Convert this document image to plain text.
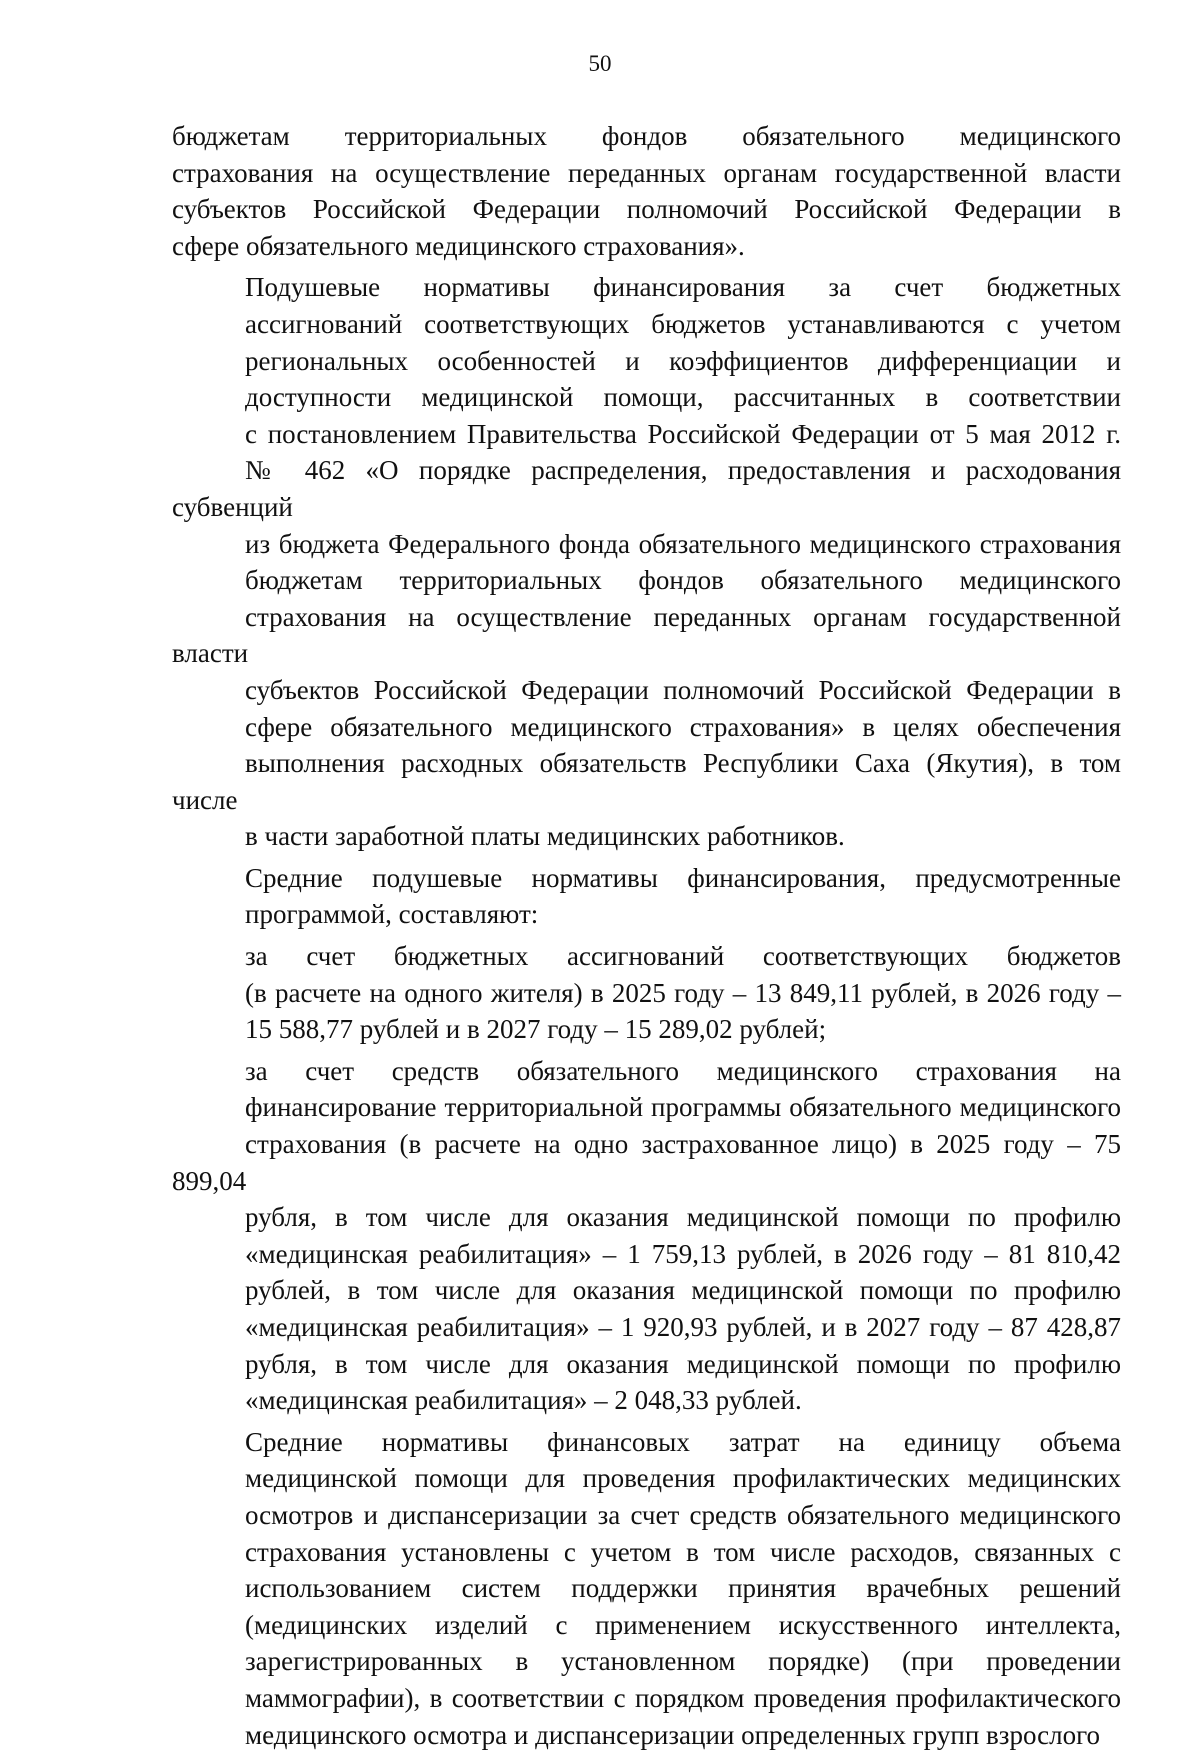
50

бюджетам территориальных фондов обязательного медицинского
страхования на осуществление переданных органам государственной власти
субъектов Российской Федерации полномочий Российской Федерации в
сфере обязательного медицинского страхования».

Подушевые нормативы финансирования за счет бюджетных
ассигнований соответствующих бюджетов устанавливаются с учетом
региональных особенностей и коэффициентов дифференциации и
доступности медицинской помощи, рассчитанных в соответствии
с постановлением Правительства Российской Федерации от 5 мая 2012 г.
№ 462 «О порядке распределения, предоставления и расходования субвенций
из бюджета Федерального фонда обязательного медицинского страхования
бюджетам территориальных фондов обязательного медицинского
страхования на осуществление переданных органам государственной власти
субъектов Российской Федерации полномочий Российской Федерации в
сфере обязательного медицинского страхования» в целях обеспечения
выполнения расходных обязательств Республики Саха (Якутия), в том числе
в части заработной платы медицинских работников.

Средние подушевые нормативы финансирования, предусмотренные
программой, составляют:

за счет бюджетных ассигнований соответствующих бюджетов
(в расчете на одного жителя) в 2025 году – 13 849,11 рублей, в 2026 году –
15 588,77 рублей и в 2027 году – 15 289,02 рублей;

за счет средств обязательного медицинского страхования на
финансирование территориальной программы обязательного медицинского
страхования (в расчете на одно застрахованное лицо) в 2025 году – 75 899,04
рубля, в том числе для оказания медицинской помощи по профилю
«медицинская реабилитация» – 1 759,13 рублей, в 2026 году – 81 810,42
рублей, в том числе для оказания медицинской помощи по профилю
«медицинская реабилитация» – 1 920,93 рублей, и в 2027 году – 87 428,87
рубля, в том числе для оказания медицинской помощи по профилю
«медицинская реабилитация» – 2 048,33 рублей.

Средние нормативы финансовых затрат на единицу объема
медицинской помощи для проведения профилактических медицинских
осмотров и диспансеризации за счет средств обязательного медицинского
страхования установлены с учетом в том числе расходов, связанных с
использованием систем поддержки принятия врачебных решений
(медицинских изделий с применением искусственного интеллекта,
зарегистрированных в установленном порядке) (при проведении
маммографии), в соответствии с порядком проведения профилактического
медицинского осмотра и диспансеризации определенных групп взрослого
